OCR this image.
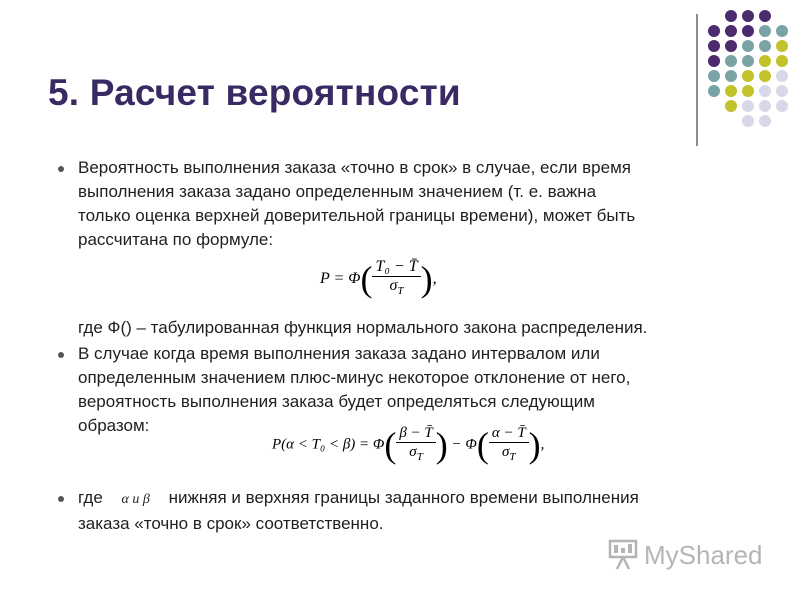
5. Расчет вероятности
Вероятность выполнения заказа «точно в срок» в случае, если время
выполнения заказа задано определенным значением (т. е. важна
только оценка верхней доверительной границы времени), может быть
рассчитана по формуле:
$P = \Phi( \frac{\text{T₀ − T̄}}{\sigma_T}$ ),
где Ф() – табулированная функция нормального закона распределения.
В случае когда время выполнения заказа задано интервалом или
определенным значением плюс-минус некоторое отклонение от него,
вероятность выполнения заказа будет определяться следующим
образом:
$P(\alpha < T_0 < \beta) = \Phi( \frac{\beta - T̄}{\sigma_T}$ ) − $\Phi( \frac{\alpha - T̄}{\sigma_T}$ ),
где α и β нижняя и верхняя границы заданного времени выполнения
заказа «точно в срок» соответственно.
MyShared
